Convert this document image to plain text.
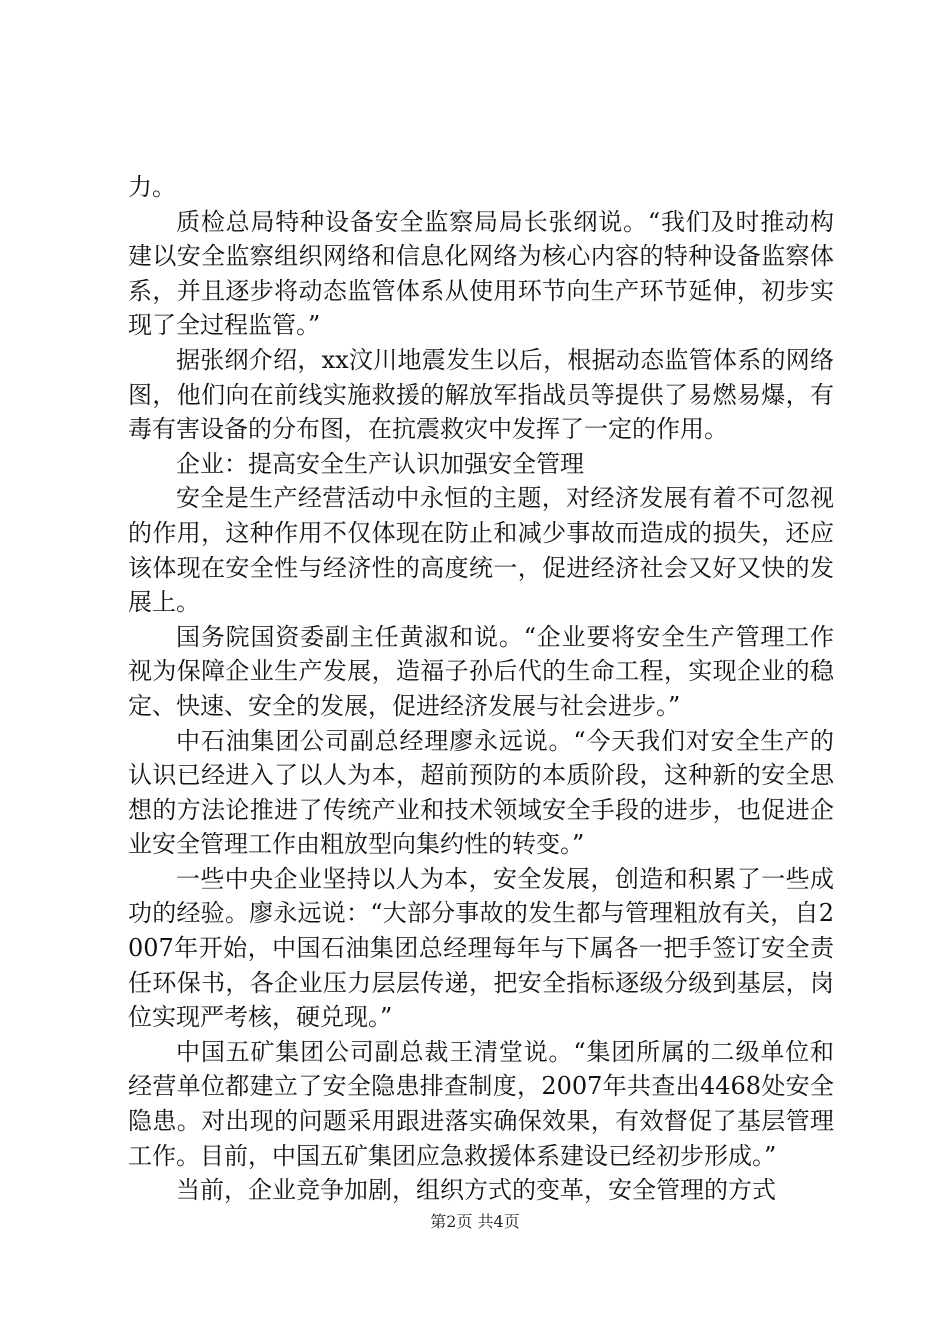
力。

质检总局特种设备安全监察局局长张纲说。“我们及时推动构建以安全监察组织网络和信息化网络为核心内容的特种设备监察体系，并且逐步将动态监管体系从使用环节向生产环节延伸，初步实现了全过程监管。”

据张纲介绍，xx汶川地震发生以后，根据动态监管体系的网络图，他们向在前线实施救援的解放军指战员等提供了易燃易爆，有毒有害设备的分布图，在抗震救灾中发挥了一定的作用。

企业：提高安全生产认识加强安全管理

安全是生产经营活动中永恒的主题，对经济发展有着不可忽视的作用，这种作用不仅体现在防止和减少事故而造成的损失，还应该体现在安全性与经济性的高度统一，促进经济社会又好又快的发展上。

国务院国资委副主任黄淑和说。“企业要将安全生产管理工作视为保障企业生产发展，造福子孙后代的生命工程，实现企业的稳定、快速、安全的发展，促进经济发展与社会进步。”

中石油集团公司副总经理廖永远说。“今天我们对安全生产的认识已经进入了以人为本，超前预防的本质阶段，这种新的安全思想的方法论推进了传统产业和技术领域安全手段的进步，也促进企业安全管理工作由粗放型向集约性的转变。”

一些中央企业坚持以人为本，安全发展，创造和积累了一些成功的经验。廖永远说：“大部分事故的发生都与管理粗放有关，自2007年开始，中国石油集团总经理每年与下属各一把手签订安全责任环保书，各企业压力层层传递，把安全指标逐级分级到基层，岗位实现严考核，硬兑现。”

中国五矿集团公司副总裁王清堂说。“集团所属的二级单位和经营单位都建立了安全隐患排查制度，2007年共查出4468处安全隐患。对出现的问题采用跟进落实确保效果，有效督促了基层管理工作。目前，中国五矿集团应急救援体系建设已经初步形成。”

当前，企业竞争加剧，组织方式的变革，安全管理的方式

第2页 共4页
